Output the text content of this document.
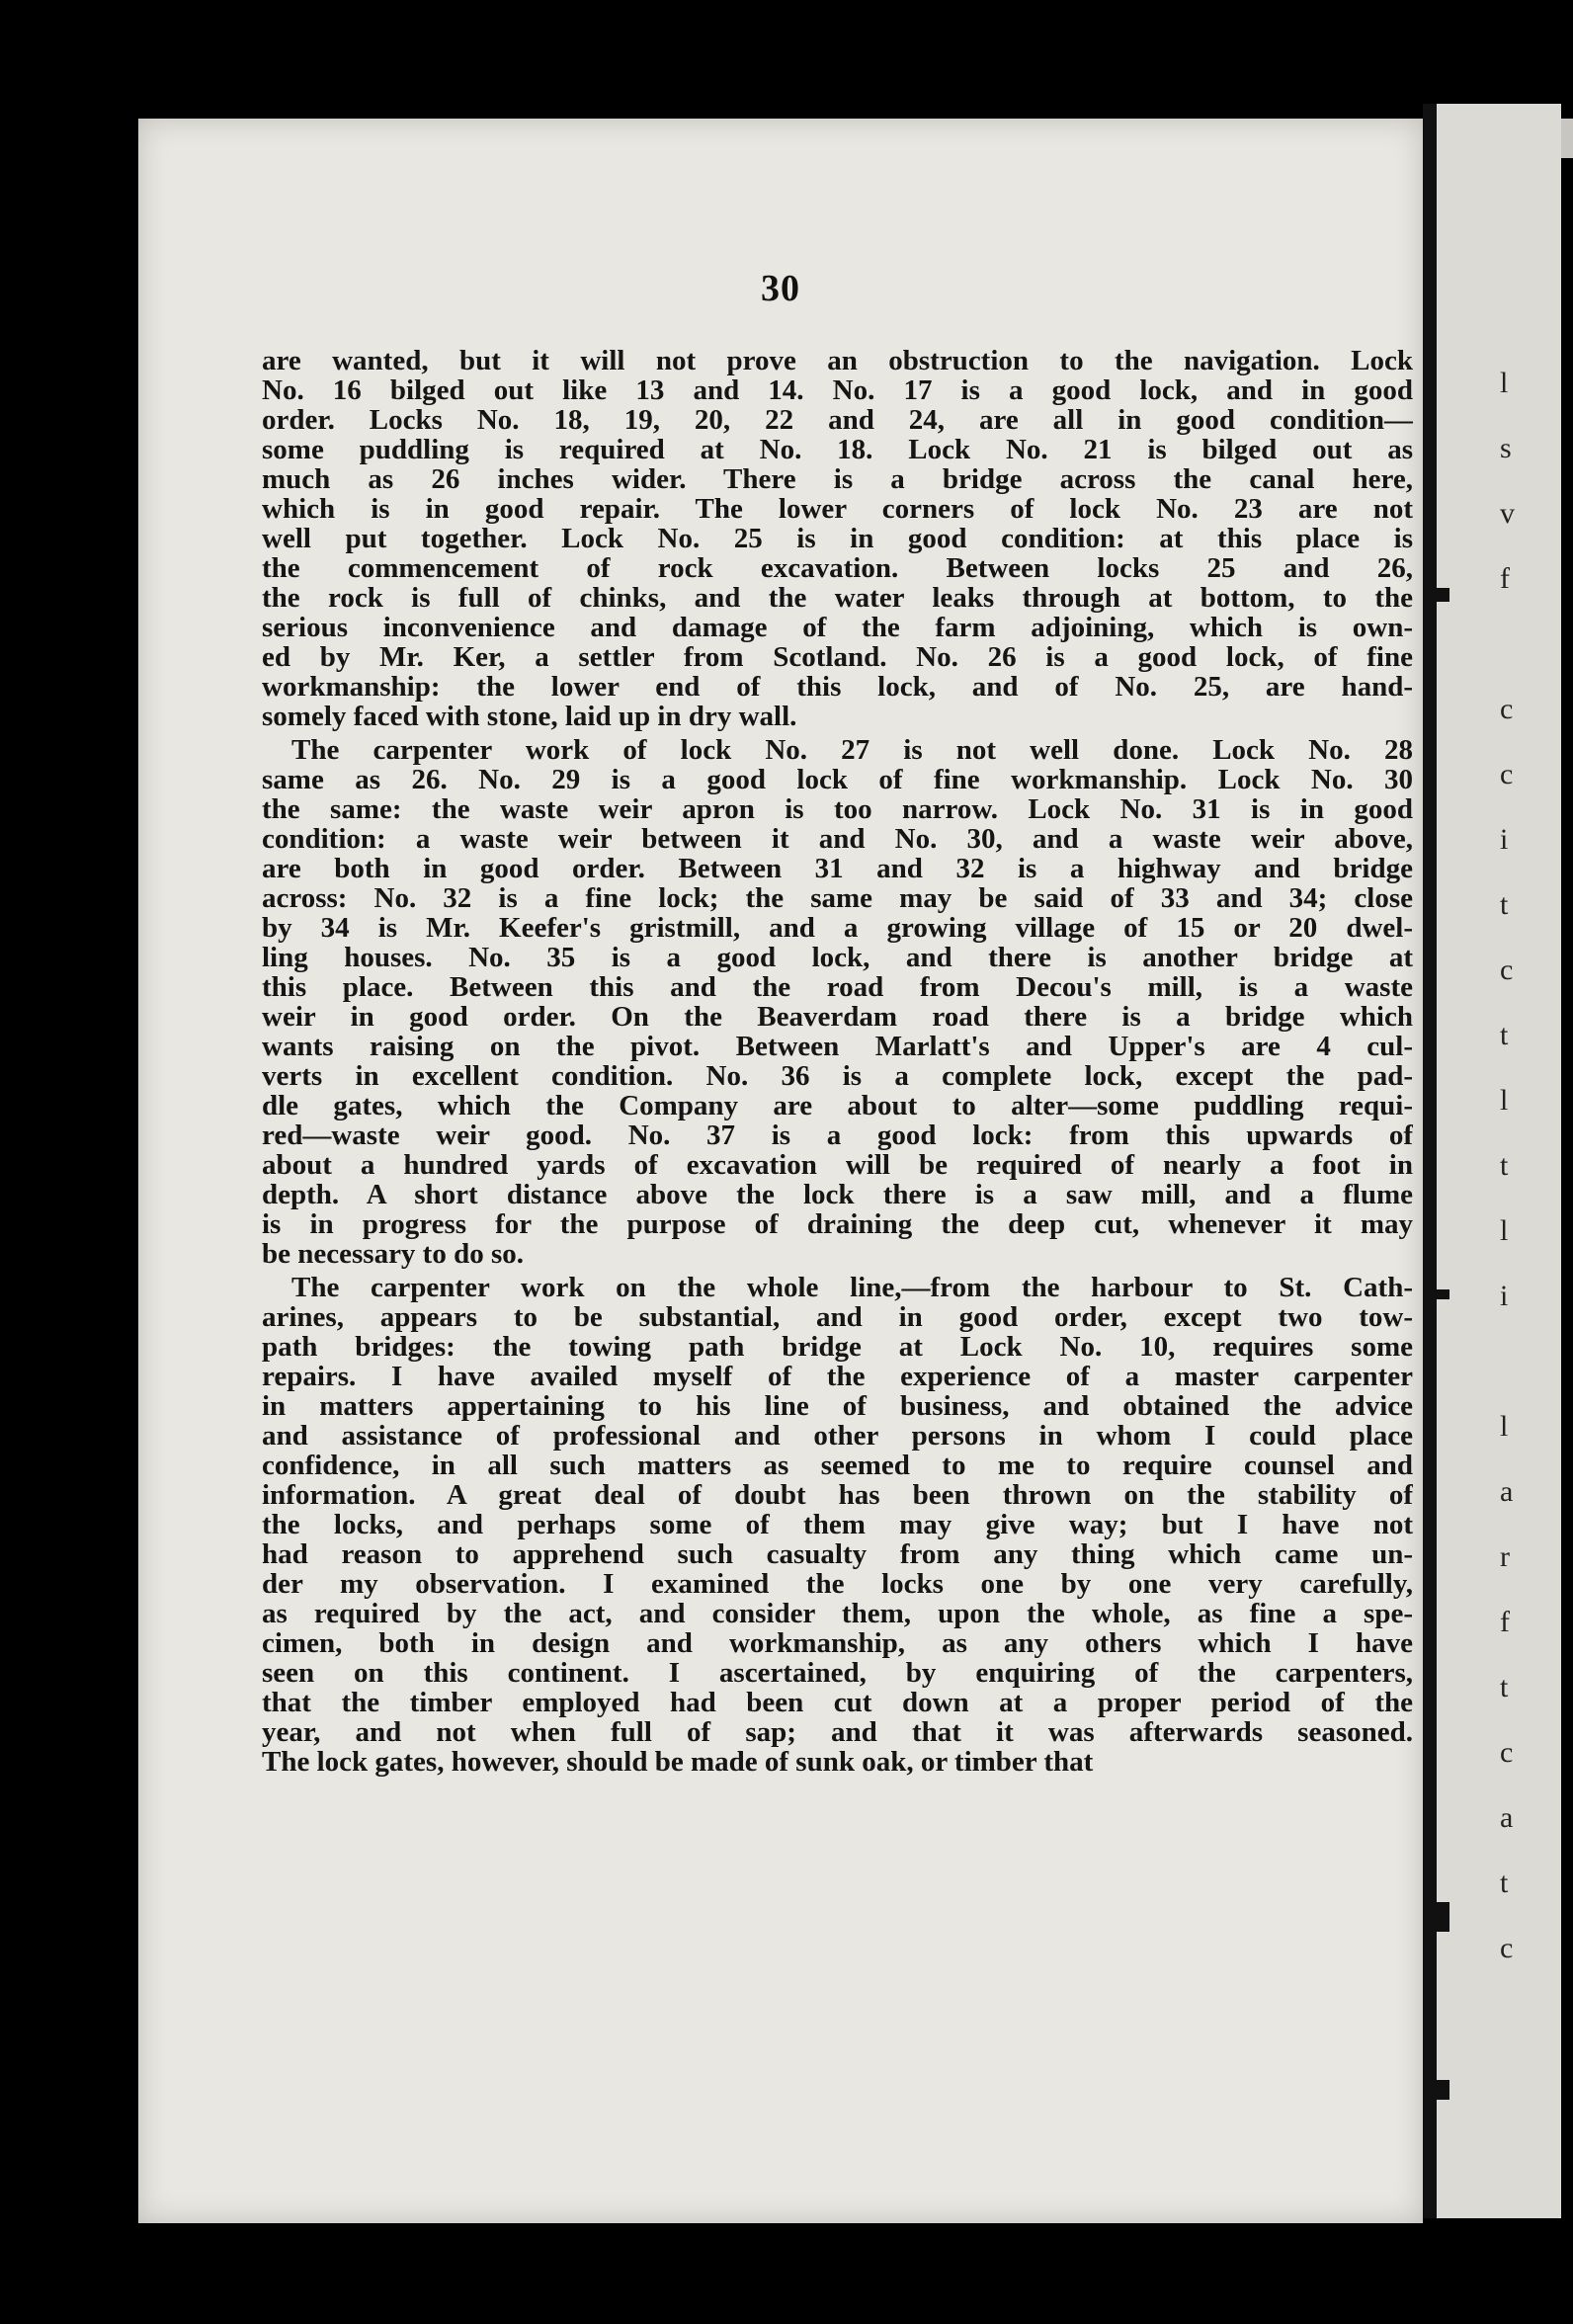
l
s
v
f

c
c
i
t
c
t
l
t
l
i

l
a
r
f
t
c
a
t
c
30
are wanted, but it will not prove an obstruction to the navigation. Lock
No. 16 bilged out like 13 and 14. No. 17 is a good lock, and in good
order. Locks No. 18, 19, 20, 22 and 24, are all in good condition—
some puddling is required at No. 18. Lock No. 21 is bilged out as
much as 26 inches wider. There is a bridge across the canal here,
which is in good repair. The lower corners of lock No. 23 are not
well put together. Lock No. 25 is in good condition: at this place is
the commencement of rock excavation. Between locks 25 and 26,
the rock is full of chinks, and the water leaks through at bottom, to the
serious inconvenience and damage of the farm adjoining, which is own-
ed by Mr. Ker, a settler from Scotland. No. 26 is a good lock, of fine
workmanship: the lower end of this lock, and of No. 25, are hand-
somely faced with stone, laid up in dry wall.
The carpenter work of lock No. 27 is not well done. Lock No. 28
same as 26. No. 29 is a good lock of fine workmanship. Lock No. 30
the same: the waste weir apron is too narrow. Lock No. 31 is in good
condition: a waste weir between it and No. 30, and a waste weir above,
are both in good order. Between 31 and 32 is a highway and bridge
across: No. 32 is a fine lock; the same may be said of 33 and 34; close
by 34 is Mr. Keefer's gristmill, and a growing village of 15 or 20 dwel-
ling houses. No. 35 is a good lock, and there is another bridge at
this place. Between this and the road from Decou's mill, is a waste
weir in good order. On the Beaverdam road there is a bridge which
wants raising on the pivot. Between Marlatt's and Upper's are 4 cul-
verts in excellent condition. No. 36 is a complete lock, except the pad-
dle gates, which the Company are about to alter—some puddling requi-
red—waste weir good. No. 37 is a good lock: from this upwards of
about a hundred yards of excavation will be required of nearly a foot in
depth. A short distance above the lock there is a saw mill, and a flume
is in progress for the purpose of draining the deep cut, whenever it may
be necessary to do so.
The carpenter work on the whole line,—from the harbour to St. Cath-
arines, appears to be substantial, and in good order, except two tow-
path bridges: the towing path bridge at Lock No. 10, requires some
repairs. I have availed myself of the experience of a master carpenter
in matters appertaining to his line of business, and obtained the advice
and assistance of professional and other persons in whom I could place
confidence, in all such matters as seemed to me to require counsel and
information. A great deal of doubt has been thrown on the stability of
the locks, and perhaps some of them may give way; but I have not
had reason to apprehend such casualty from any thing which came un-
der my observation. I examined the locks one by one very carefully,
as required by the act, and consider them, upon the whole, as fine a spe-
cimen, both in design and workmanship, as any others which I have
seen on this continent. I ascertained, by enquiring of the carpenters,
that the timber employed had been cut down at a proper period of the
year, and not when full of sap; and that it was afterwards seasoned.
The lock gates, however, should be made of sunk oak, or timber that
